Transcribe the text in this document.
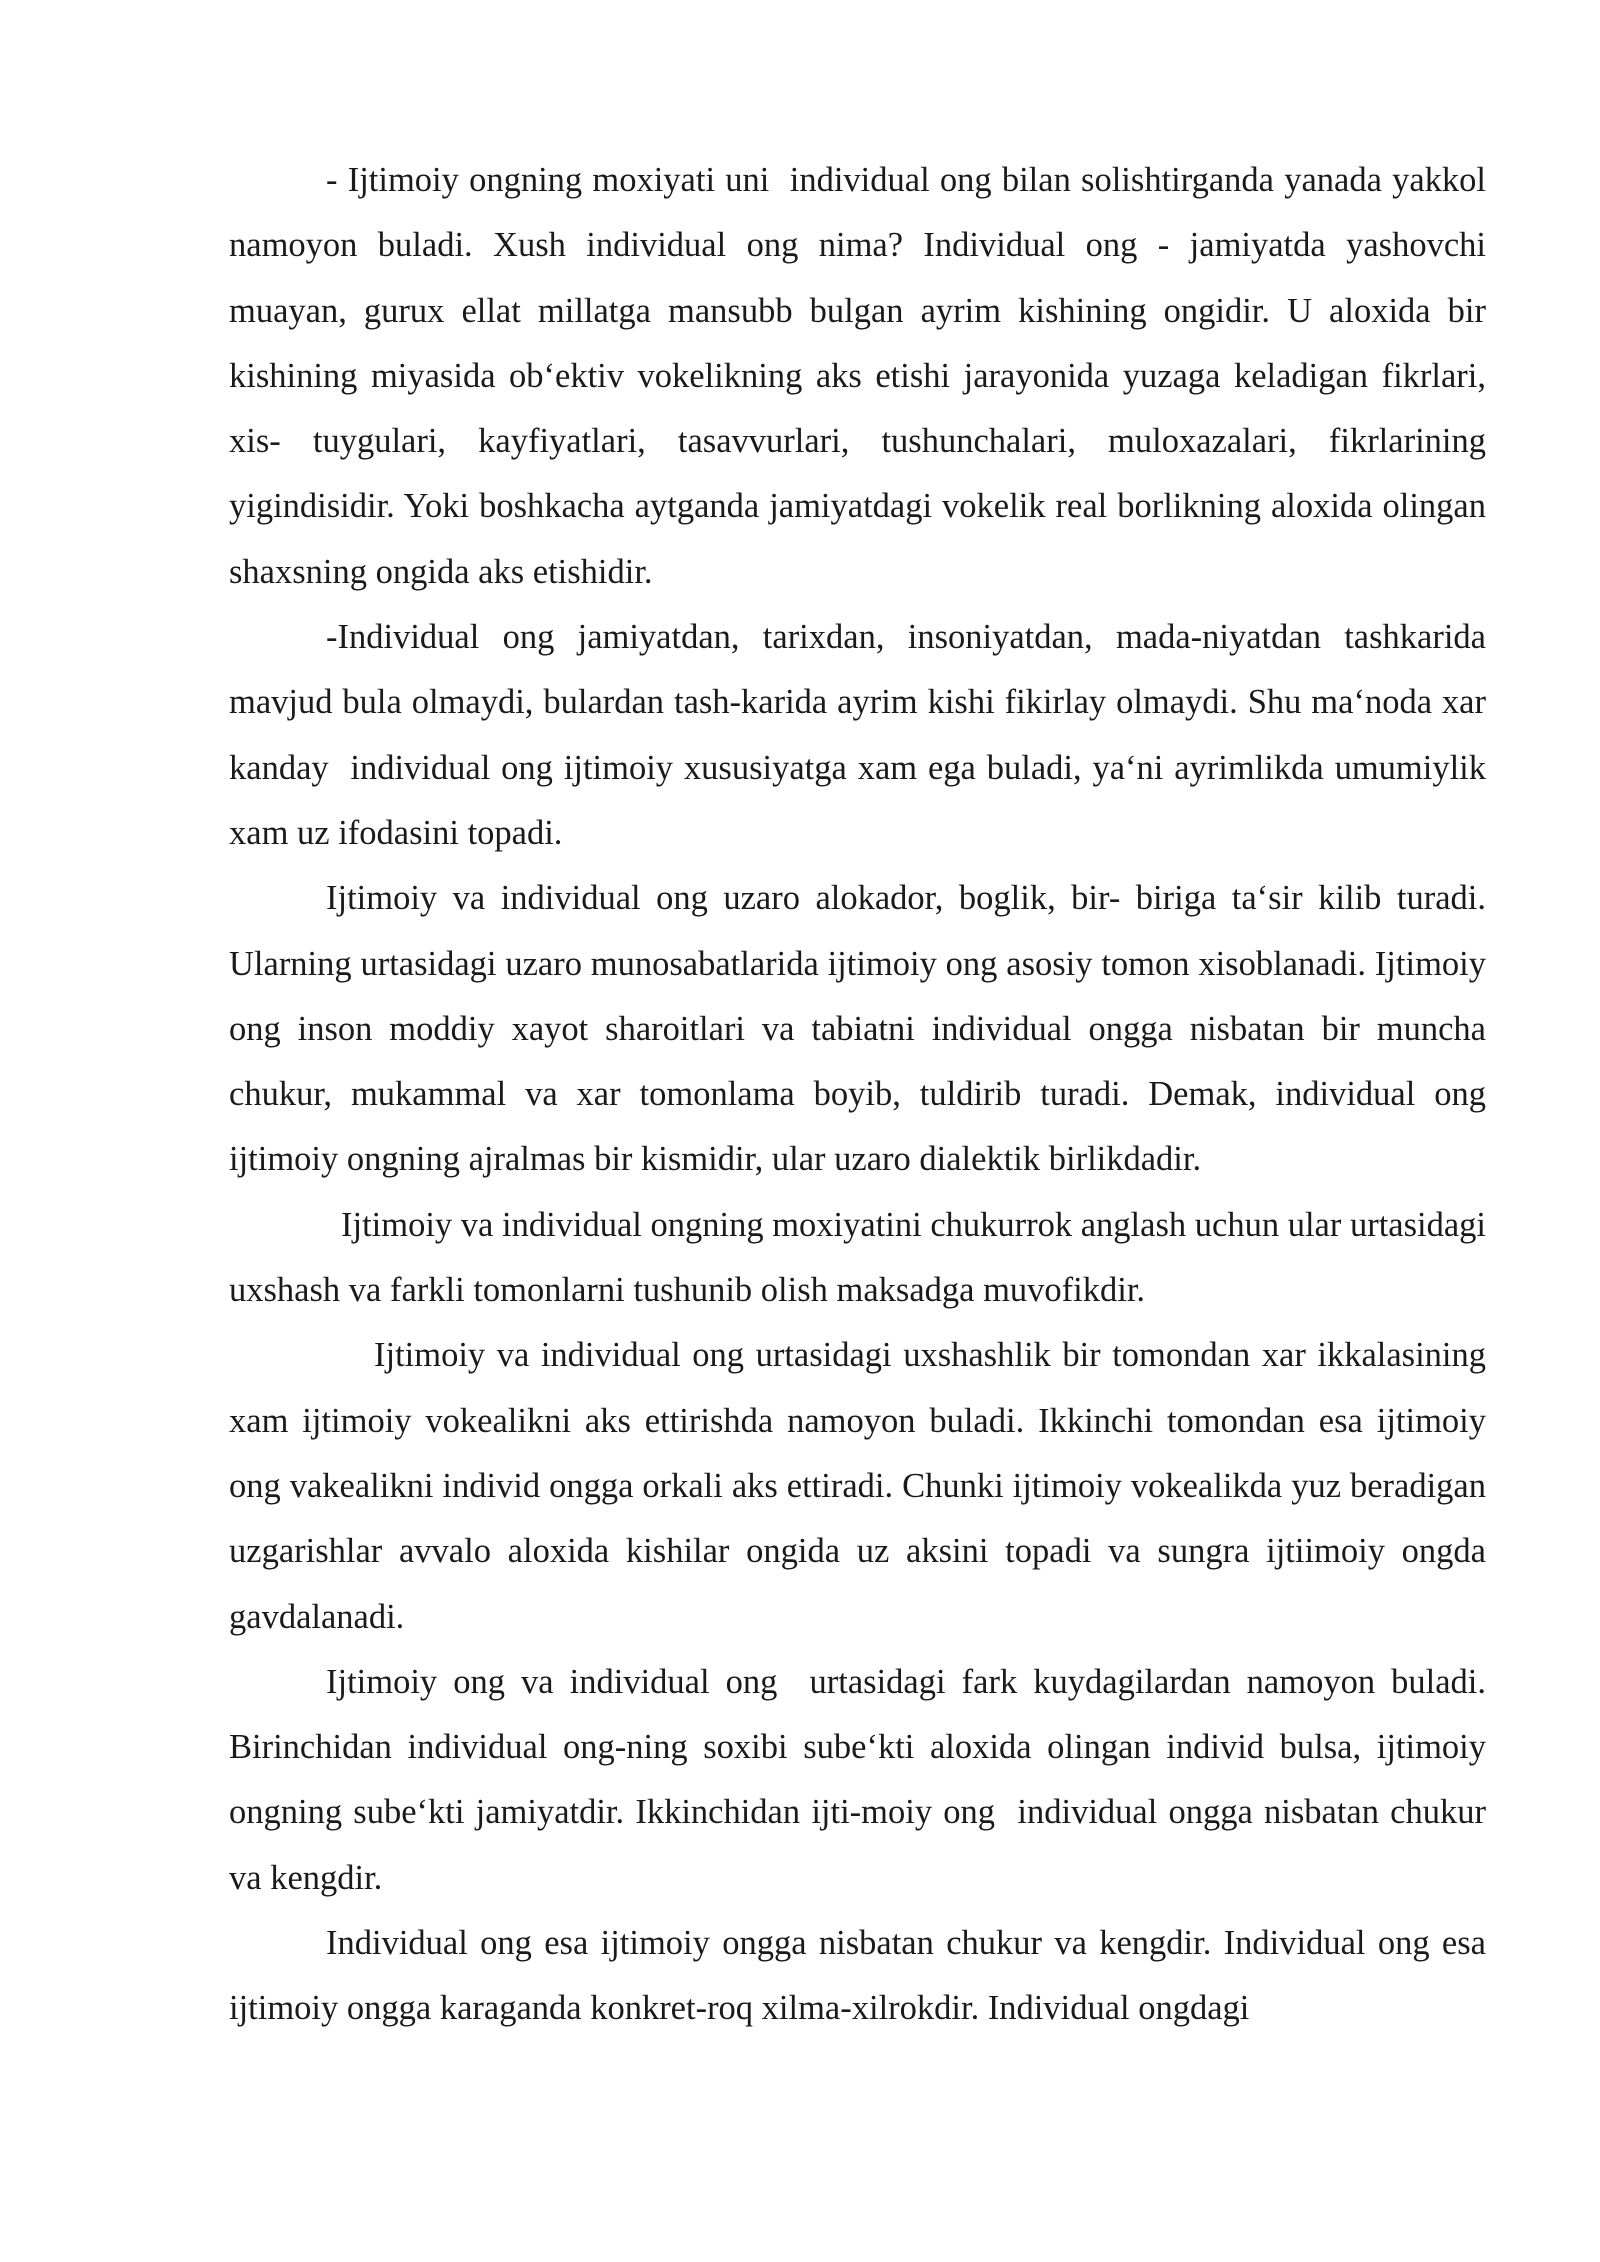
- Ijtimoiy ongning moxiyati uni  individual ong bilan solishtirganda yanada yakkol namoyon buladi. Xush individual ong nima? Individual ong - jamiyatda yashovchi muayan, gurux ellat millatga mansubb bulgan ayrim kishining ongidir. U aloxida bir kishining miyasida ob‘ektiv vokelikning aks etishi jarayonida yuzaga keladigan fikrlari, xis- tuygulari, kayfiyatlari, tasavvurlari, tushunchalari, muloxazalari, fikrlarining yigindisidir. Yoki boshkacha aytganda jamiyatdagi vokelik real borlikning aloxida olingan shaxsning ongida aks etishidir.

-Individual ong jamiyatdan, tarixdan, insoniyatdan, mada-niyatdan tashkarida mavjud bula olmaydi, bulardan tash-karida ayrim kishi fikirlay olmaydi. Shu ma‘noda xar kanday  individual ong ijtimoiy xususiyatga xam ega buladi, ya‘ni ayrimlikda umumiylik xam uz ifodasini topadi.

Ijtimoiy va individual ong uzaro alokador, boglik, bir- biriga ta‘sir kilib turadi. Ularning urtasidagi uzaro munosabatlarida ijtimoiy ong asosiy tomon xisoblanadi. Ijtimoiy ong inson moddiy xayot sharoitlari va tabiatni individual ongga nisbatan bir muncha chukur, mukammal va xar tomonlama boyib, tuldirib turadi. Demak, individual ong ijtimoiy ongning ajralmas bir kismidir, ular uzaro dialektik birlikdadir.

Ijtimoiy va individual ongning moxiyatini chukurrok anglash uchun ular urtasidagi uxshash va farkli tomonlarni tushunib olish maksadga muvofikdir.

Ijtimoiy va individual ong urtasidagi uxshashlik bir tomondan xar ikkalasining xam ijtimoiy vokealikni aks ettirishda namoyon buladi. Ikkinchi tomondan esa ijtimoiy ong vakealikni individ ongga orkali aks ettiradi. Chunki ijtimoiy vokealikda yuz beradigan uzgarishlar avvalo aloxida kishilar ongida uz aksini topadi va sungra ijtiimoiy ongda gavdalanadi.

Ijtimoiy ong va individual ong  urtasidagi fark kuydagilardan namoyon buladi. Birinchidan individual ong-ning soxibi sube‘kti aloxida olingan individ bulsa, ijtimoiy  ongning sube‘kti jamiyatdir. Ikkinchidan ijti-moiy ong  individual ongga nisbatan chukur va kengdir.

Individual ong esa ijtimoiy ongga nisbatan chukur va kengdir. Individual ong esa ijtimoiy ongga karaganda konkret-roq xilma-xilrokdir. Individual ongdagi
